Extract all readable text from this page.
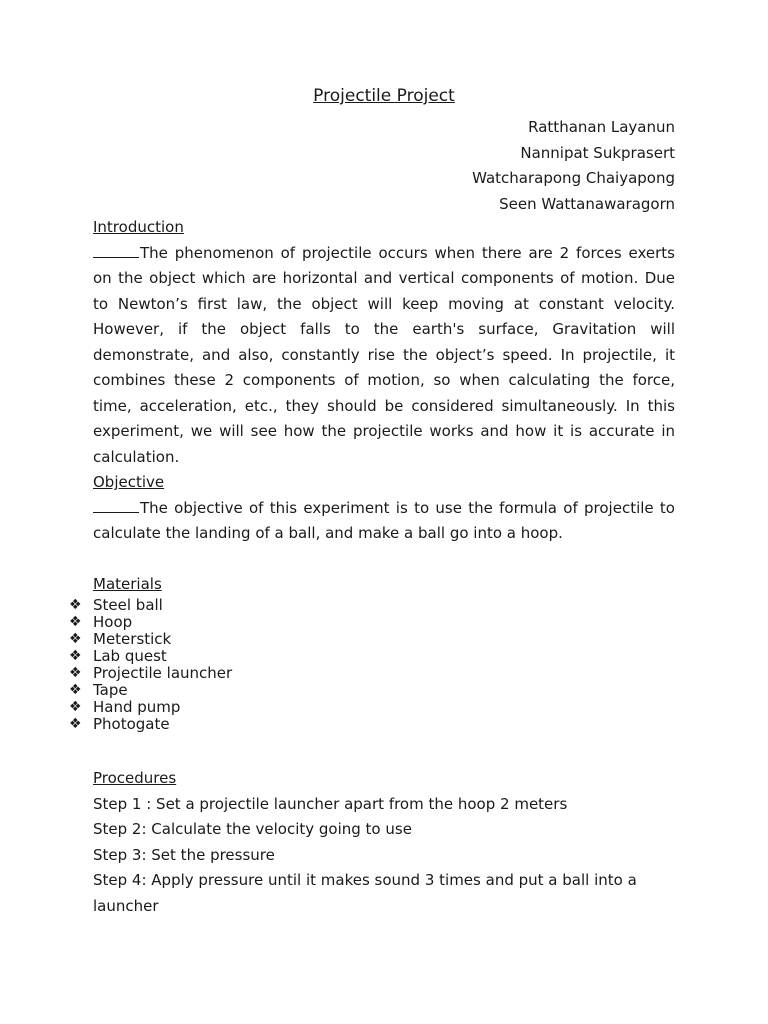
Projectile Project
Ratthanan Layanun
Nannipat Sukprasert
Watcharapong Chaiyapong
Seen Wattanawaragorn
Introduction
The phenomenon of projectile occurs when there are 2 forces exerts on the object which are horizontal and vertical components of motion. Due to Newton’s first law, the object will keep moving at constant velocity. However, if the object falls to the earth's surface, Gravitation will demonstrate, and also, constantly rise the object’s speed. In projectile, it combines these 2 components of motion, so when calculating the force, time, acceleration, etc., they should be considered simultaneously. In this experiment, we will see how the projectile works and how it is accurate in calculation.
Objective
The objective of this experiment is to use the formula of projectile to calculate the landing of a ball, and make a ball go into a hoop.
Materials
❖ Steel ball
❖ Hoop
❖ Meterstick
❖ Lab quest
❖ Projectile launcher
❖ Tape
❖ Hand pump
❖ Photogate
Procedures
Step 1 : Set a projectile launcher apart from the hoop 2 meters
Step 2: Calculate the velocity going to use
Step 3: Set the pressure
Step 4: Apply pressure until it makes sound 3 times and put a ball into a launcher
